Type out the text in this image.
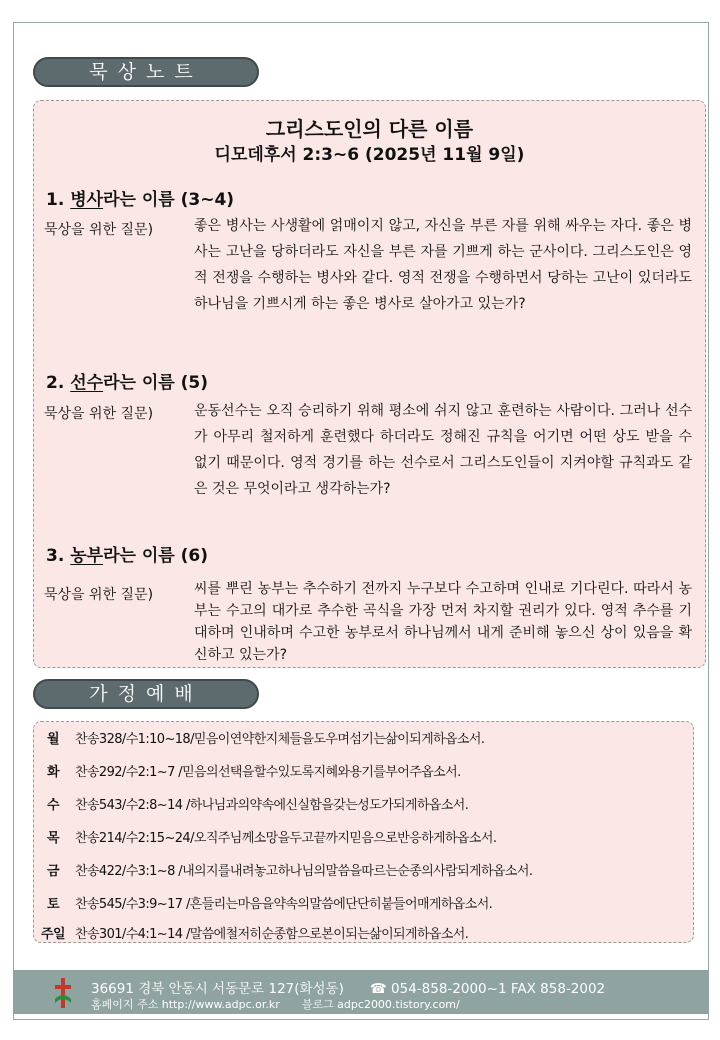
묵상노트
그리스도인의 다른 이름
디모데후서 2:3~6 (2025년 11월 9일)
1. 병사라는 이름 (3~4)
묵상을 위한 질문)	좋은 병사는 사생활에 얽매이지 않고, 자신을 부른 자를 위해 싸우는 자다. 좋은 병사는 고난을 당하더라도 자신을 부른 자를 기쁘게 하는 군사이다. 그리스도인은 영적 전쟁을 수행하는 병사와 같다. 영적 전쟁을 수행하면서 당하는 고난이 있더라도 하나님을 기쁘시게 하는 좋은 병사로 살아가고 있는가?
2. 선수라는 이름 (5)
묵상을 위한 질문)	운동선수는 오직 승리하기 위해 평소에 쉬지 않고 훈련하는 사람이다. 그러나 선수가 아무리 철저하게 훈련했다 하더라도 정해진 규칙을 어기면 어떤 상도 받을 수 없기 때문이다. 영적 경기를 하는 선수로서 그리스도인들이 지켜야할 규칙과도 같은 것은 무엇이라고 생각하는가?
3. 농부라는 이름 (6)
묵상을 위한 질문)	씨를 뿌린 농부는 추수하기 전까지 누구보다 수고하며 인내로 기다린다. 따라서 농부는 수고의 대가로 추수한 곡식을 가장 먼저 차지할 권리가 있다. 영적 추수를 기대하며 인내하며 수고한 농부로서 하나님께서 내게 준비해 놓으신 상이 있음을 확신하고 있는가?
가정예배
월	찬송328/수1:10~18/믿음이연약한지체들을도우며섬기는삶이되게하옵소서.
화	찬송292/수2:1~7 /믿음의선택을할수있도록지혜와용기를부어주옵소서.
수	찬송543/수2:8~14 /하나님과의약속에신실함을갖는성도가되게하옵소서.
목	찬송214/수2:15~24/오직주님께소망을두고끝까지믿음으로반응하게하옵소서.
금	찬송422/수3:1~8 /내의지를내려놓고하나님의말씀을따르는순종의사람되게하옵소서.
토	찬송545/수3:9~17 /흔들리는마음을약속의말씀에단단히붙들어매게하옵소서.
주일 찬송301/수4:1~14 /말씀에철저히순종함으로본이되는삶이되게하옵소서.
36691 경북 안동시 서동문로 127(화성동) ☎ 054-858-2000~1 FAX 858-2002
홈페이지 주소 http://www.adpc.or.kr 블로그 adpc2000.tistory.com/
